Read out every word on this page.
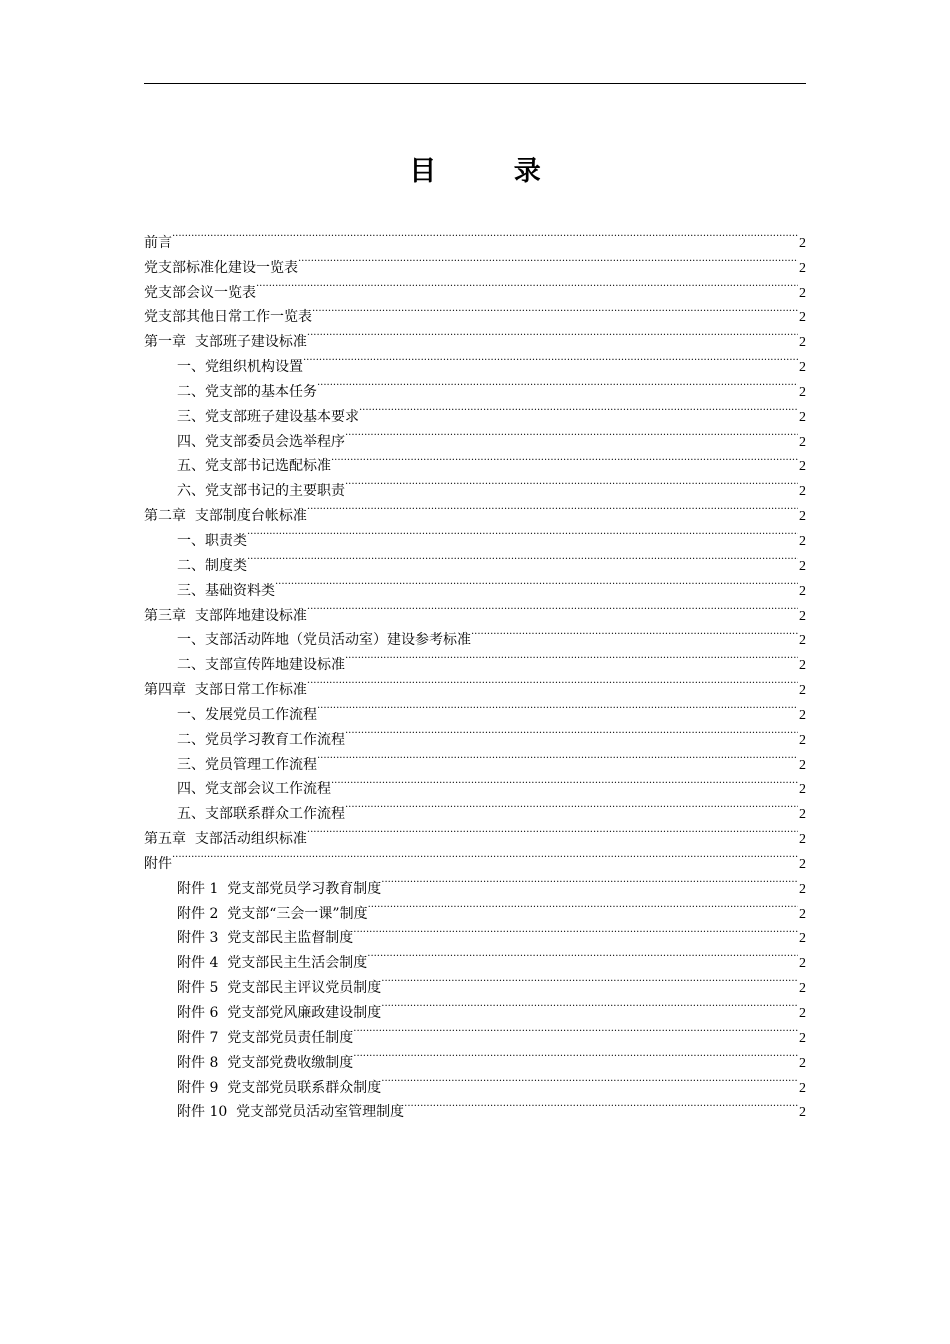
目 录
前言 .....	2
党支部标准化建设一览表 .....	2
党支部会议一览表 .....	2
党支部其他日常工作一览表 .....	2
第一章  支部班子建设标准 .....	2
一、党组织机构设置 .....	2
二、党支部的基本任务 .....	2
三、党支部班子建设基本要求 .....	2
四、党支部委员会选举程序 .....	2
五、党支部书记选配标准 .....	2
六、党支部书记的主要职责 .....	2
第二章  支部制度台帐标准 .....	2
一、职责类 .....	2
二、制度类 .....	2
三、基础资料类 .....	2
第三章  支部阵地建设标准 .....	2
一、支部活动阵地（党员活动室）建设参考标准 .....	2
二、支部宣传阵地建设标准 .....	2
第四章  支部日常工作标准 .....	2
一、发展党员工作流程 .....	2
二、党员学习教育工作流程 .....	2
三、党员管理工作流程 .....	2
四、党支部会议工作流程 .....	2
五、支部联系群众工作流程 .....	2
第五章  支部活动组织标准 .....	2
附件 .....	2
附件 1  党支部党员学习教育制度 .....	2
附件 2  党支部“三会一课”制度 .....	2
附件 3  党支部民主监督制度 .....	2
附件 4  党支部民主生活会制度 .....	2
附件 5  党支部民主评议党员制度 .....	2
附件 6  党支部党风廉政建设制度 .....	2
附件 7  党支部党员责任制度 .....	2
附件 8  党支部党费收缴制度 .....	2
附件 9  党支部党员联系群众制度 .....	2
附件 10  党支部党员活动室管理制度 .....	2
